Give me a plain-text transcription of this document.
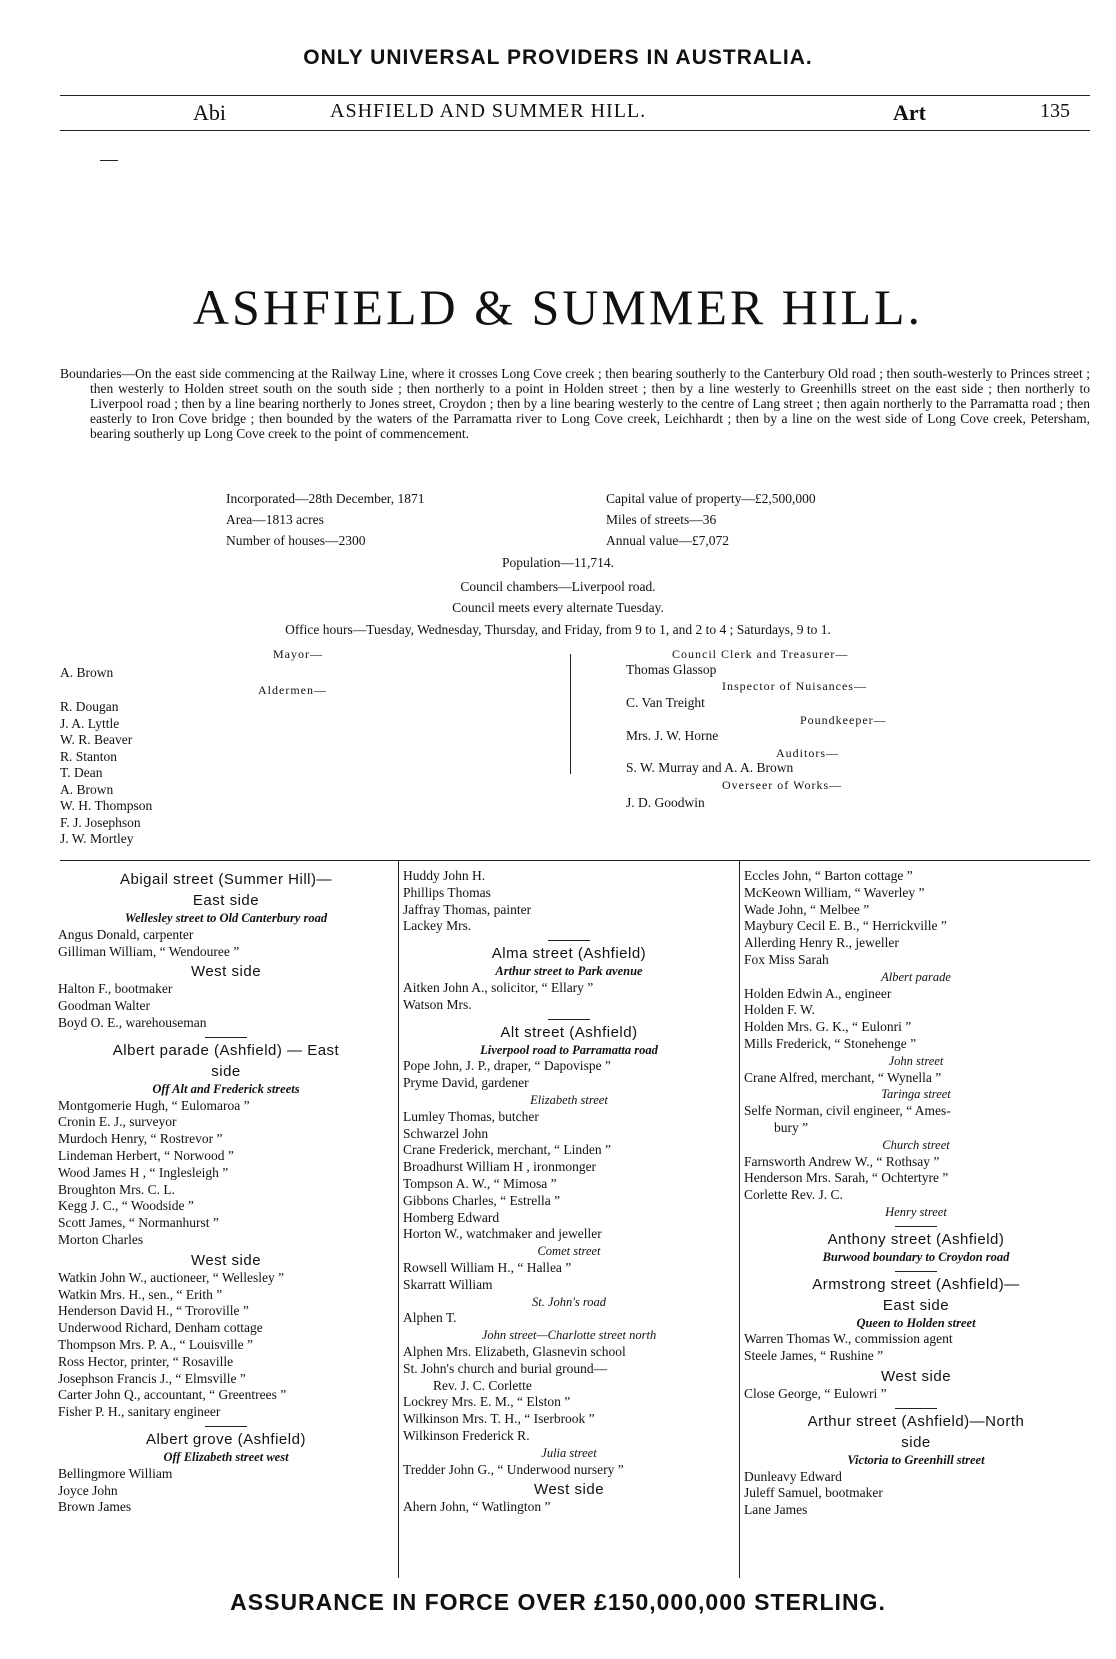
ONLY UNIVERSAL PROVIDERS IN AUSTRALIA.
Abi	ASHFIELD AND SUMMER HILL.	Art	135
ASHFIELD & SUMMER HILL.
Boundaries—On the east side commencing at the Railway Line, where it crosses Long Cove creek ; then bearing southerly to the Canterbury Old road ; then south-westerly to Princes street ; then westerly to Holden street south on the south side ; then northerly to a point in Holden street ; then by a line westerly to Greenhills street on the east side ; then northerly to Liverpool road ; then by a line bearing northerly to Jones street, Croydon ; then by a line bearing westerly to the centre of Lang street ; then again northerly to the Parramatta road ; then easterly to Iron Cove bridge ; then bounded by the waters of the Parramatta river to Long Cove creek, Leichhardt ; then by a line on the west side of Long Cove creek, Petersham, bearing southerly up Long Cove creek to the point of commencement.
Incorporated—28th December, 1871
Area—1813 acres
Number of houses—2300
Capital value of property—£2,500,000
Miles of streets—36
Annual value—£7,072
Population—11,714.
Council chambers—Liverpool road.
Council meets every alternate Tuesday.
Office hours—Tuesday, Wednesday, Thursday, and Friday, from 9 to 1, and 2 to 4 ; Saturdays, 9 to 1.
Mayor—
A. Brown
Aldermen—
R. Dougan
J. A. Lyttle
W. R. Beaver
R. Stanton
T. Dean
A. Brown
W. H. Thompson
F. J. Josephson
J. W. Mortley
Council Clerk and Treasurer—
Thomas Glassop
Inspector of Nuisances—
C. Van Treight
Poundkeeper—
Mrs. J. W. Horne
Auditors—
S. W. Murray and A. A. Brown
Overseer of Works—
J. D. Goodwin
Abigail street (Summer Hill)—
East side
Wellesley street to Old Canterbury road
Angus Donald, carpenter
Gilliman William, “ Wendouree ”
West side
Halton F., bootmaker
Goodman Walter
Boyd O. E., warehouseman
Albert parade (Ashfield) — East
side
Off Alt and Frederick streets
Montgomerie Hugh, “ Eulomaroa ”
Cronin E. J., surveyor
Murdoch Henry, “ Rostrevor ”
Lindeman Herbert, “ Norwood ”
Wood James H , “ Inglesleigh ”
Broughton Mrs. C. L.
Kegg J. C., “ Woodside ”
Scott James, “ Normanhurst ”
Morton Charles
West side
Watkin John W., auctioneer, “ Wellesley ”
Watkin Mrs. H., sen., “ Erith ”
Henderson David H., “ Troroville ”
Underwood Richard, Denham cottage
Thompson Mrs. P. A., “ Louisville ”
Ross Hector, printer, “ Rosaville
Josephson Francis J., “ Elmsville ”
Carter John Q., accountant, “ Greentrees ”
Fisher P. H., sanitary engineer
Albert grove (Ashfield)
Off Elizabeth street west
Bellingmore William
Joyce John
Brown James
Huddy John H.
Phillips Thomas
Jaffray Thomas, painter
Lackey Mrs.
Alma street (Ashfield)
Arthur street to Park avenue
Aitken John A., solicitor, “ Ellary ”
Watson Mrs.
Alt street (Ashfield)
Liverpool road to Parramatta road
Pope John, J. P., draper, “ Dapovispe ”
Pryme David, gardener
Elizabeth street
Lumley Thomas, butcher
Schwarzel John
Crane Frederick, merchant, “ Linden ”
Broadhurst William H , ironmonger
Tompson A. W., “ Mimosa ”
Gibbons Charles, “ Estrella ”
Homberg Edward
Horton W., watchmaker and jeweller
Comet street
Rowsell William H., “ Hallea ”
Skarratt William
St. John's road
Alphen T.
John street—Charlotte street north
Alphen Mrs. Elizabeth, Glasnevin school
St. John's church and burial ground—
Rev. J. C. Corlette
Lockrey Mrs. E. M., “ Elston ”
Wilkinson Mrs. T. H., “ Iserbrook ”
Wilkinson Frederick R.
Julia street
Tredder John G., “ Underwood nursery ”
West side
Ahern John, “ Watlington ”
Eccles John, “ Barton cottage ”
McKeown William, “ Waverley ”
Wade John, “ Melbee ”
Maybury Cecil E. B., “ Herrickville ”
Allerding Henry R., jeweller
Fox Miss Sarah
Albert parade
Holden Edwin A., engineer
Holden F. W.
Holden Mrs. G. K., “ Eulonri ”
Mills Frederick, “ Stonehenge ”
John street
Crane Alfred, merchant, “ Wynella ”
Taringa street
Selfe Norman, civil engineer, “ Ames-
bury ”
Church street
Farnsworth Andrew W., “ Rothsay ”
Henderson Mrs. Sarah, “ Ochtertyre ”
Corlette Rev. J. C.
Henry street
Anthony street (Ashfield)
Burwood boundary to Croydon road
Armstrong street (Ashfield)—
East side
Queen to Holden street
Warren Thomas W., commission agent
Steele James, “ Rushine ”
West side
Close George, “ Eulowri ”
Arthur street (Ashfield)—North
side
Victoria to Greenhill street
Dunleavy Edward
Juleff Samuel, bootmaker
Lane James
ASSURANCE IN FORCE OVER £150,000,000 STERLING.
